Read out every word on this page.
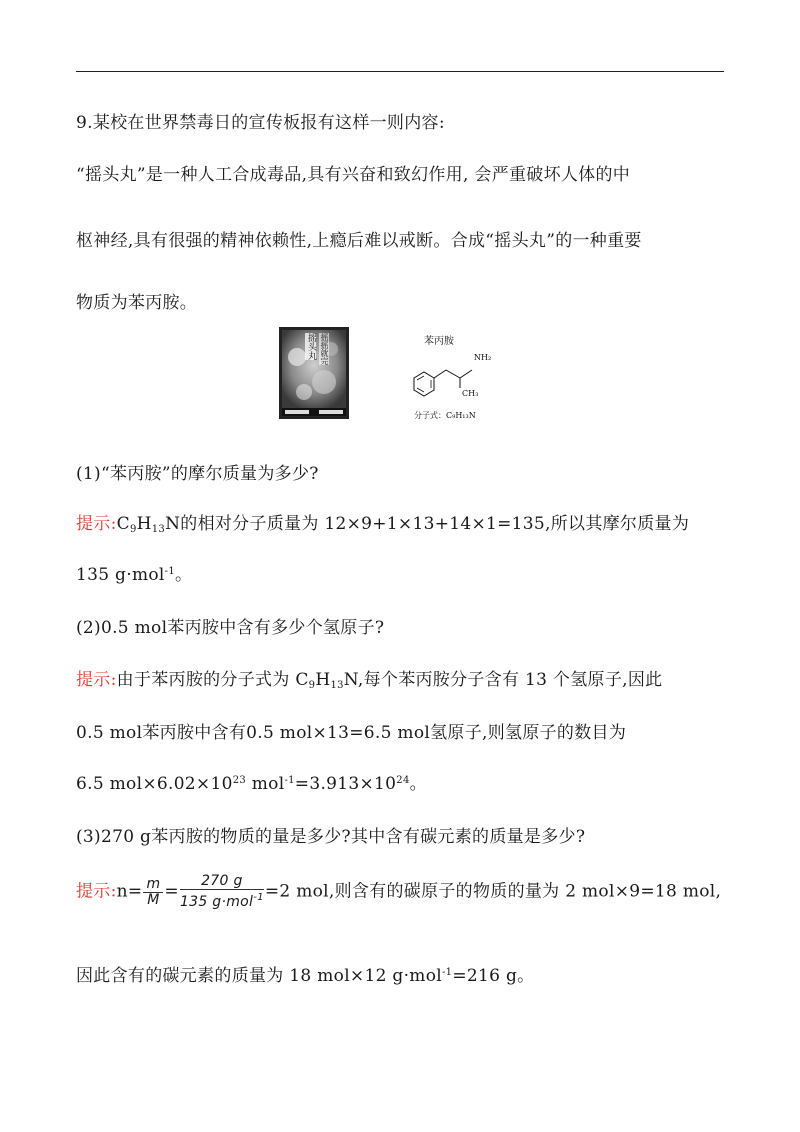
9.某校在世界禁毒日的宣传板报有这样一则内容:
“摇头丸”是一种人工合成毒品,具有兴奋和致幻作用, 会严重破坏人体的中
枢神经,具有很强的精神依赖性,上瘾后难以戒断。合成“摇头丸”的一种重要
物质为苯丙胺。
摇头丸 摇摇就完	苯丙胺
NH₂
CH₃
分子式：C₉H₁₃N
(1)“苯丙胺”的摩尔质量为多少?
提示$:C_9H_{13}N$的相对分子质量为 12×9+1×13+14×1=135,所以其摩尔质量为
135 g·mol$^{-1}$。
(2)0.5 mol苯丙胺中含有多少个氢原子?
提示:由于苯丙胺的分子式为 $C_9H_{13}N$,每个苯丙胺分子含有 13 个氢原子,因此
0.5 mol苯丙胺中含有0.5 mol×13=6.5 mol氢原子,则氢原子的数目为
6.5 $mol\times 6.02\times 10^{23}$ $mol^{-1}=3.913\times 10^{24}$。
(3)270 g苯丙胺的物质的量是多少?其中含有碳元素的质量是多少?
提示:n= $\frac{m}{M} = \frac{270 g}{135 g\cdot mol^{-1}} =2$ mol,则含有的碳原子的物质的量为 2 mol×9=18 mol,
因此含有的碳元素的质量为 18 mol×12 g·mol$^{-1}$=216 g。
